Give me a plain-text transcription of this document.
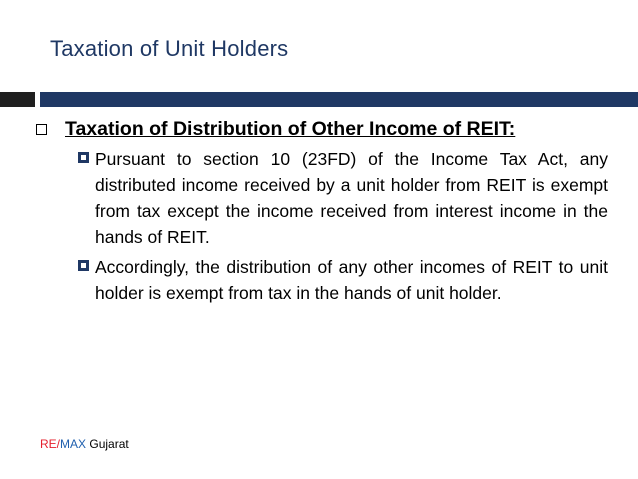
Taxation of Unit Holders
Taxation of Distribution of Other Income of REIT:
Pursuant to section 10 (23FD) of the Income Tax Act, any distributed income received by a unit holder from REIT is exempt from tax except the income received from interest income in the hands of REIT.
Accordingly, the distribution of any other incomes of REIT to unit holder is exempt from tax in the hands of unit holder.
RE/MAX Gujarat
